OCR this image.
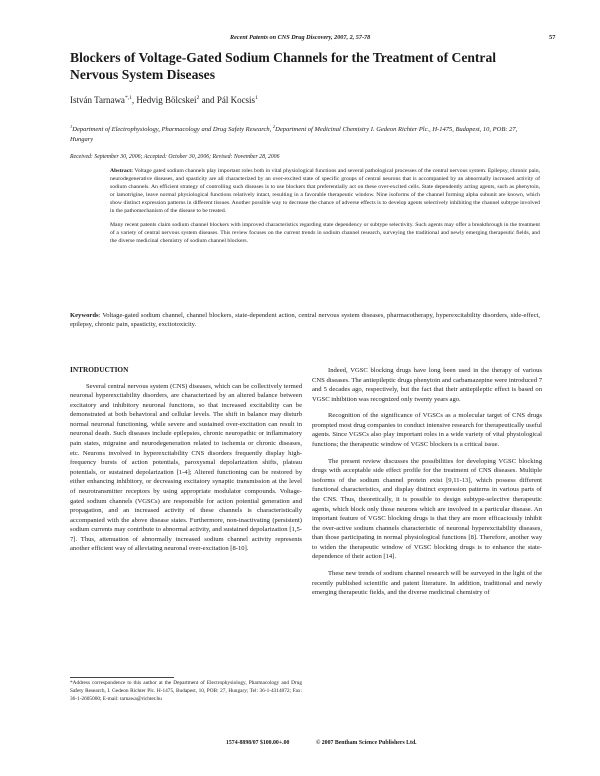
Recent Patents on CNS Drug Discovery, 2007, 2, 57-78	57
Blockers of Voltage-Gated Sodium Channels for the Treatment of Central Nervous System Diseases
István Tarnawa$^{*,1}$, Hedvig Bölcskei$^2$ and Pál Kocsis$^1$
$^1$Department of Electrophysiology, Pharmacology and Drug Safety Research, $^2$Department of Medicinal Chemistry I. Gedeon Richter Plc., H-1475, Budapest, 10, POB: 27, Hungary
Received: September 30, 2006; Accepted: October 30, 2006; Revised: November 28, 2006

Abstract: Voltage gated sodium channels play important roles both in vital physiological functions and several pathological processes of the central nervous system. Epilepsy, chronic pain, neurodegenerative diseases, and spasticity are all characterized by an over-excited state of specific groups of central neurons that is accompanied by an abnormally increased activity of sodium channels. An efficient strategy of controlling such diseases is to use blockers that preferentially act on these over-excited cells. State dependently acting agents, such as phenytoin, or lamotrigine, leave normal physiological functions relatively intact, resulting in a favorable therapeutic window. Nine isoforms of the channel forming alpha subunit are known, which show distinct expression patterns in different tissues. Another possible way to decrease the chance of adverse effects is to develop agents selectively inhibiting the channel subtype involved in the pathomechanism of the disease to be treated.

Many recent patents claim sodium channel blockers with improved characteristics regarding state dependency or subtype selectivity. Such agents may offer a breakthrough in the treatment of a variety of central nervous system diseases. This review focuses on the current trends in sodium channel research, surveying the traditional and newly emerging therapeutic fields, and the diverse medicinal chemistry of sodium channel blockers.

Keywords: Voltage-gated sodium channel, channel blockers, state-dependent action, central nervous system diseases, pharmacotherapy, hyperexcitability disorders, side-effect, epilepsy, chronic pain, spasticity, excitotoxicity.

INTRODUCTION

Several central nervous system (CNS) diseases, which can be collectively termed neuronal hyperexcitability disorders, are characterized by an altered balance between excitatory and inhibitory neuronal functions, so that increased excitability can be demonstrated at both behavioral and cellular levels. The shift in balance may disturb normal neuronal functioning, while severe and sustained over-excitation can result in neuronal death. Such diseases include epilepsies, chronic neuropathic or inflammatory pain states, migraine and neurodegeneration related to ischemia or chronic diseases, etc. Neurons involved in hyperexcitability CNS disorders frequently display high-frequency bursts of action potentials, paroxysmal depolarization shifts, plateau potentials, or sustained depolarization [1-4]; Altered functioning can be restored by either enhancing inhibitory, or decreasing excitatory synaptic transmission at the level of neurotransmitter receptors by using appropriate modulator compounds. Voltage-gated sodium channels (VGSCs) are responsible for action potential generation and propagation, and an increased activity of these channels is characteristically accompanied with the above disease states. Furthermore, non-inactivating (persistent) sodium currents may contribute to abnormal activity, and sustained depolarization [1,5-7]. Thus, attenuation of abnormally increased sodium channel activity represents another efficient way of alleviating neuronal over-excitation [8-10].

Indeed, VGSC blocking drugs have long been used in the therapy of various CNS diseases. The antiepileptic drugs phenytoin and carbamazepine were introduced 7 and 5 decades ago, respectively, but the fact that their antiepileptic effect is based on VGSC inhibition was recognized only twenty years ago.

Recognition of the significance of VGSCs as a molecular target of CNS drugs prompted most drug companies to conduct intensive research for therapeutically useful agents. Since VGSCs also play important roles in a wide variety of vital physiological functions; the therapeutic window of VGSC blockers is a critical issue.

The present review discusses the possibilities for developing VGSC blocking drugs with acceptable side effect profile for the treatment of CNS diseases. Multiple isoforms of the sodium channel protein exist [9,11-13], which possess different functional characteristics, and display distinct expression patterns in various parts of the CNS. Thus, theoretically, it is possible to design subtype-selective therapeutic agents, which block only those neurons which are involved in a particular disease. An important feature of VGSC blocking drugs is that they are more efficaciously inhibit the over-active sodium channels characteristic of neuronal hyperexcitability diseases, than those participating in normal physiological functions [8]. Therefore, another way to widen the therapeutic window of VGSC blocking drugs is to enhance the state-dependence of their action [14].

These new trends of sodium channel research will be surveyed in the light of the recently published scientific and patent literature. In addition, traditional and newly emerging therapeutic fields, and the diverse medicinal chemistry of

*Address correspondence to this author at the Department of Electrophysiology, Pharmacology and Drug Safety Research, I. Gedeon Richter Plc. H-1475, Budapest, 10, POB: 27, Hungary; Tel: 36-1-4314072; Fax: 36-1-2605000; E-mail: tarnawa@richter.hu
1574-8898/07 $100.00+.00	© 2007 Bentham Science Publishers Ltd.
